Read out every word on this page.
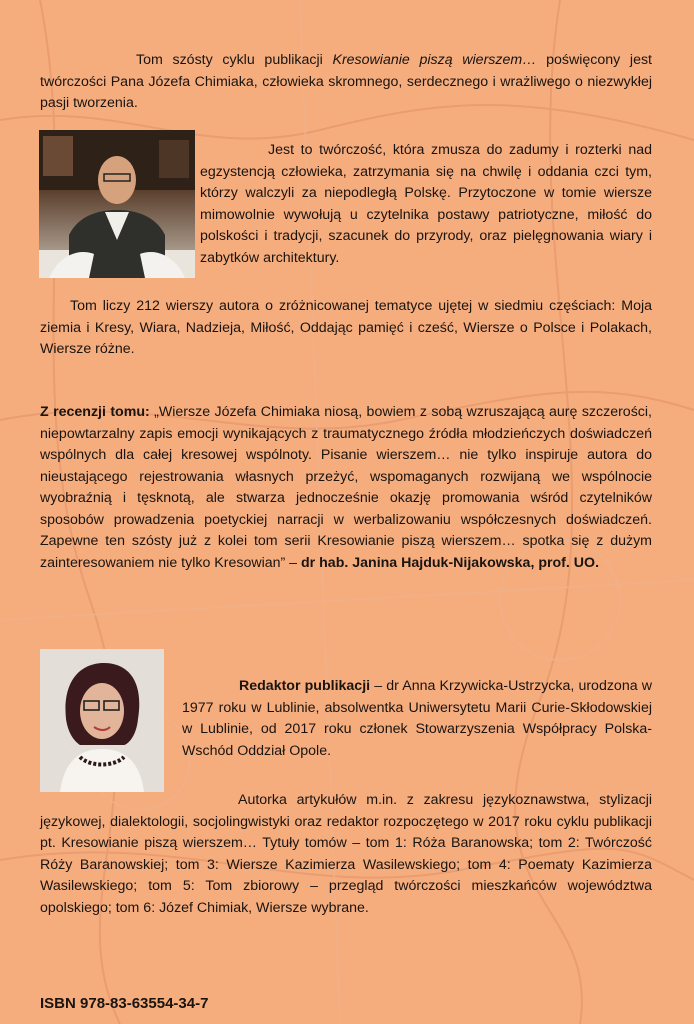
Tom szósty cyklu publikacji Kresowianie piszą wierszem… poświęcony jest twórczości Pana Józefa Chimiaka, człowieka skromnego, serdecznego i wrażliwego o niezwykłej pasji tworzenia.
Jest to twórczość, która zmusza do zadumy i rozterki nad egzystencją człowieka, zatrzymania się na chwilę i oddania czci tym, którzy walczyli za niepodległą Polskę. Przytoczone w tomie wiersze mimowolnie wywołują u czytelnika postawy patriotyczne, miłość do polskości i tradycji, szacunek do przyrody, oraz pielęgnowania wiary i zabytków architektury.
Tom liczy 212 wierszy autora o zróżnicowanej tematyce ujętej w siedmiu częściach: Moja ziemia i Kresy, Wiara, Nadzieja, Miłość, Oddając pamięć i cześć, Wiersze o Polsce i Polakach, Wiersze różne.
Z recenzji tomu: „Wiersze Józefa Chimiaka niosą, bowiem z sobą wzruszającą aurę szczerości, niepowtarzalny zapis emocji wynikających z traumatycznego źródła młodzieńczych doświadczeń wspólnych dla całej kresowej wspólnoty. Pisanie wierszem… nie tylko inspiruje autora do nieustającego rejestrowania własnych przeżyć, wspomaganych rozwijaną we wspólnocie wyobraźnią i tęsknotą, ale stwarza jednocześnie okazję promowania wśród czytelników sposobów prowadzenia poetyckiej narracji w werbalizowaniu współczesnych doświadczeń. Zapewne ten szósty już z kolei tom serii Kresowianie piszą wierszem… spotka się z dużym zainteresowaniem nie tylko Kresowian” – dr hab. Janina Hajduk-Nijakowska, prof. UO.
Redaktor publikacji – dr Anna Krzywicka-Ustrzycka, urodzona w 1977 roku w Lublinie, absolwentka Uniwersytetu Marii Curie-Skłodowskiej w Lublinie, od 2017 roku członek Stowarzyszenia Współpracy Polska-Wschód Oddział Opole.
Autorka artykułów m.in. z zakresu językoznawstwa, stylizacji językowej, dialektologii, socjolingwistyki oraz redaktor rozpoczętego w 2017 roku cyklu publikacji pt. Kresowianie piszą wierszem… Tytuły tomów – tom 1: Róża Baranowska; tom 2: Twórczość Róży Baranowskiej; tom 3: Wiersze Kazimierza Wasilewskiego; tom 4: Poematy Kazimierza Wasilewskiego; tom 5: Tom zbiorowy – przegląd twórczości mieszkańców województwa opolskiego; tom 6: Józef Chimiak, Wiersze wybrane.
ISBN 978-83-63554-34-7
